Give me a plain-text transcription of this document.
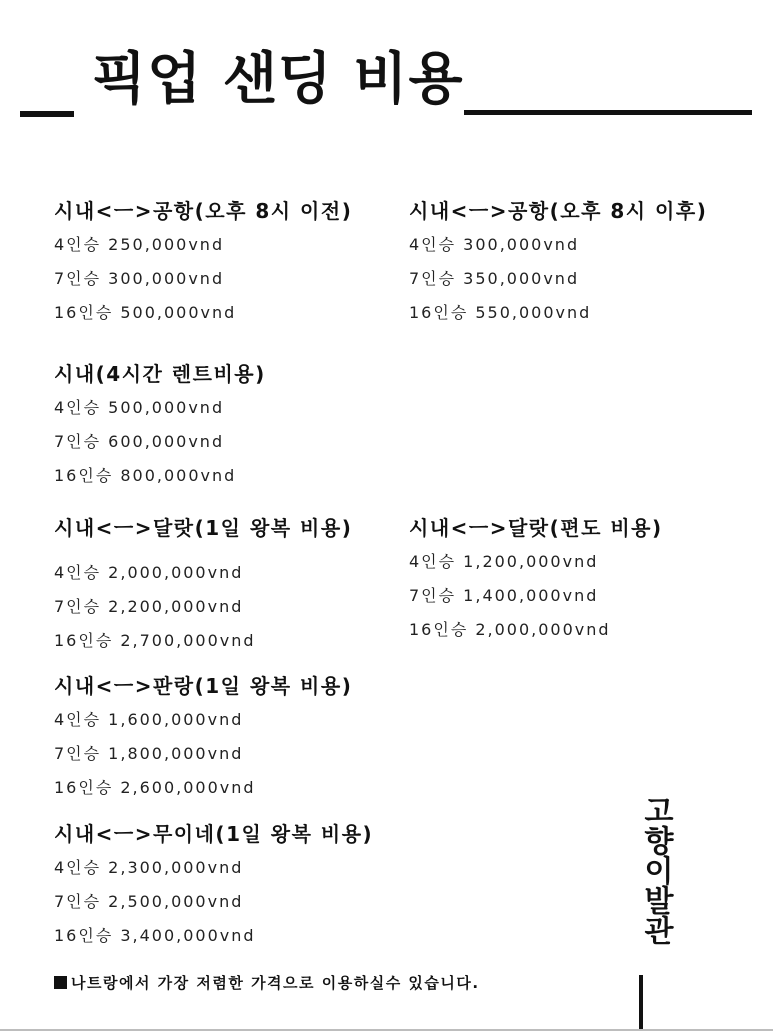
픽업 샌딩 비용
시내<ㅡ>공항(오후 8시 이전)
4인승 250,000vnd
7인승 300,000vnd
16인승 500,000vnd
시내<ㅡ>공항(오후 8시 이후)
4인승 300,000vnd
7인승 350,000vnd
16인승 550,000vnd
시내(4시간 렌트비용)
4인승 500,000vnd
7인승 600,000vnd
16인승 800,000vnd
시내<ㅡ>달랏(1일 왕복 비용)
4인승 2,000,000vnd
7인승 2,200,000vnd
16인승 2,700,000vnd
시내<ㅡ>달랏(편도 비용)
4인승 1,200,000vnd
7인승 1,400,000vnd
16인승 2,000,000vnd
시내<ㅡ>판랑(1일 왕복 비용)
4인승 1,600,000vnd
7인승 1,800,000vnd
16인승 2,600,000vnd
시내<ㅡ>무이네(1일 왕복 비용)
4인승 2,300,000vnd
7인승 2,500,000vnd
16인승 3,400,000vnd
나트랑에서 가장 저렴한 가격으로 이용하실수 있습니다.
고향이발관
